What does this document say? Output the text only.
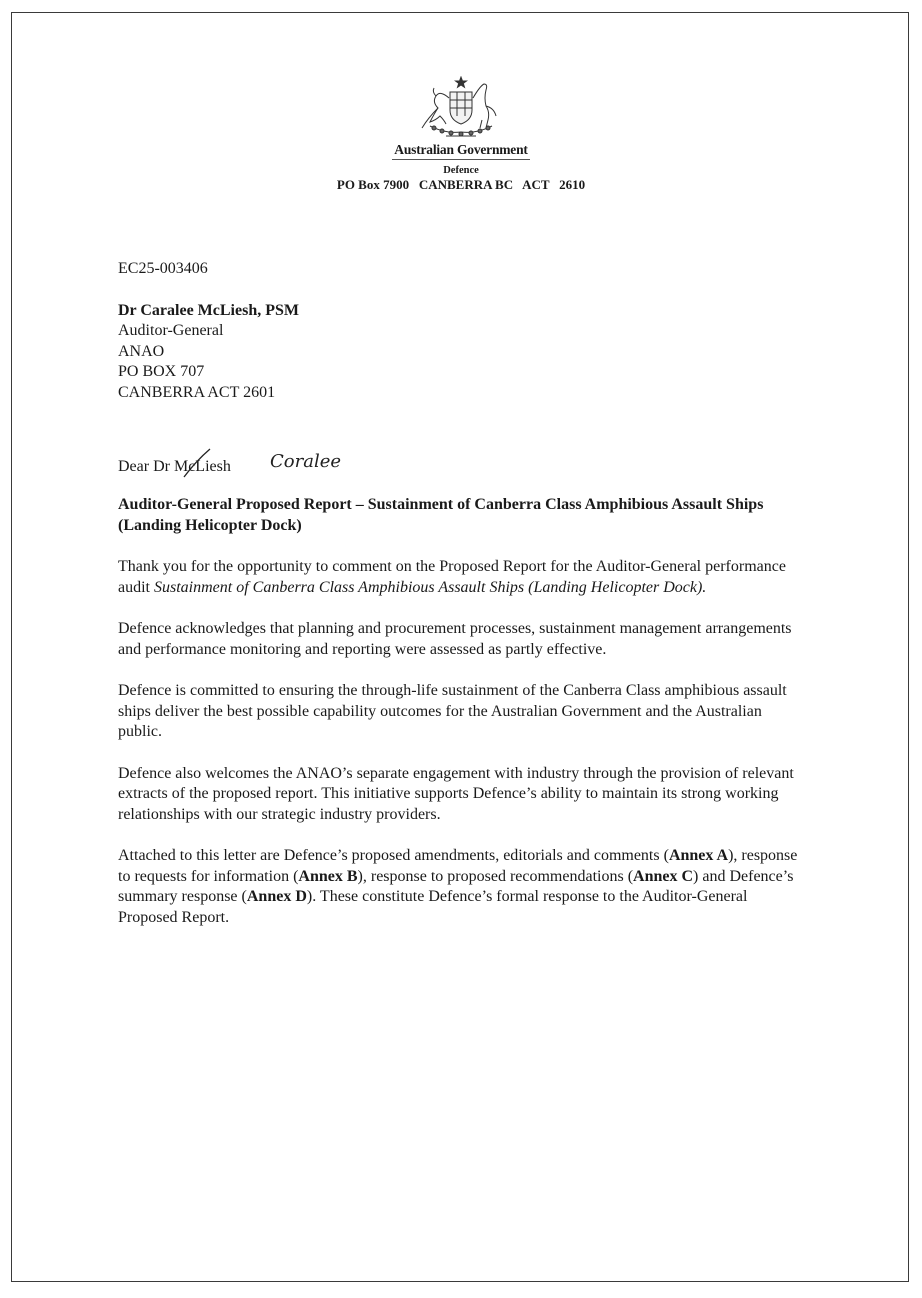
Australian Government
Defence
PO Box 7900   CANBERRA BC   ACT   2610

EC25-003406

Dr Caralee McLiesh, PSM

Auditor-General

ANAO

PO BOX 707

CANBERRA ACT 2601

Dear Dr McLiesh Coralee

Auditor-General Proposed Report – Sustainment of Canberra Class Amphibious Assault Ships (Landing Helicopter Dock)

Thank you for the opportunity to comment on the Proposed Report for the Auditor-General performance audit Sustainment of Canberra Class Amphibious Assault Ships (Landing Helicopter Dock).

Defence acknowledges that planning and procurement processes, sustainment management arrangements and performance monitoring and reporting were assessed as partly effective.

Defence is committed to ensuring the through-life sustainment of the Canberra Class amphibious assault ships deliver the best possible capability outcomes for the Australian Government and the Australian public.

Defence also welcomes the ANAO’s separate engagement with industry through the provision of relevant extracts of the proposed report. This initiative supports Defence’s ability to maintain its strong working relationships with our strategic industry providers.

Attached to this letter are Defence’s proposed amendments, editorials and comments (Annex A), response to requests for information (Annex B), response to proposed recommendations (Annex C) and Defence’s summary response (Annex D). These constitute Defence’s formal response to the Auditor-General Proposed Report.
